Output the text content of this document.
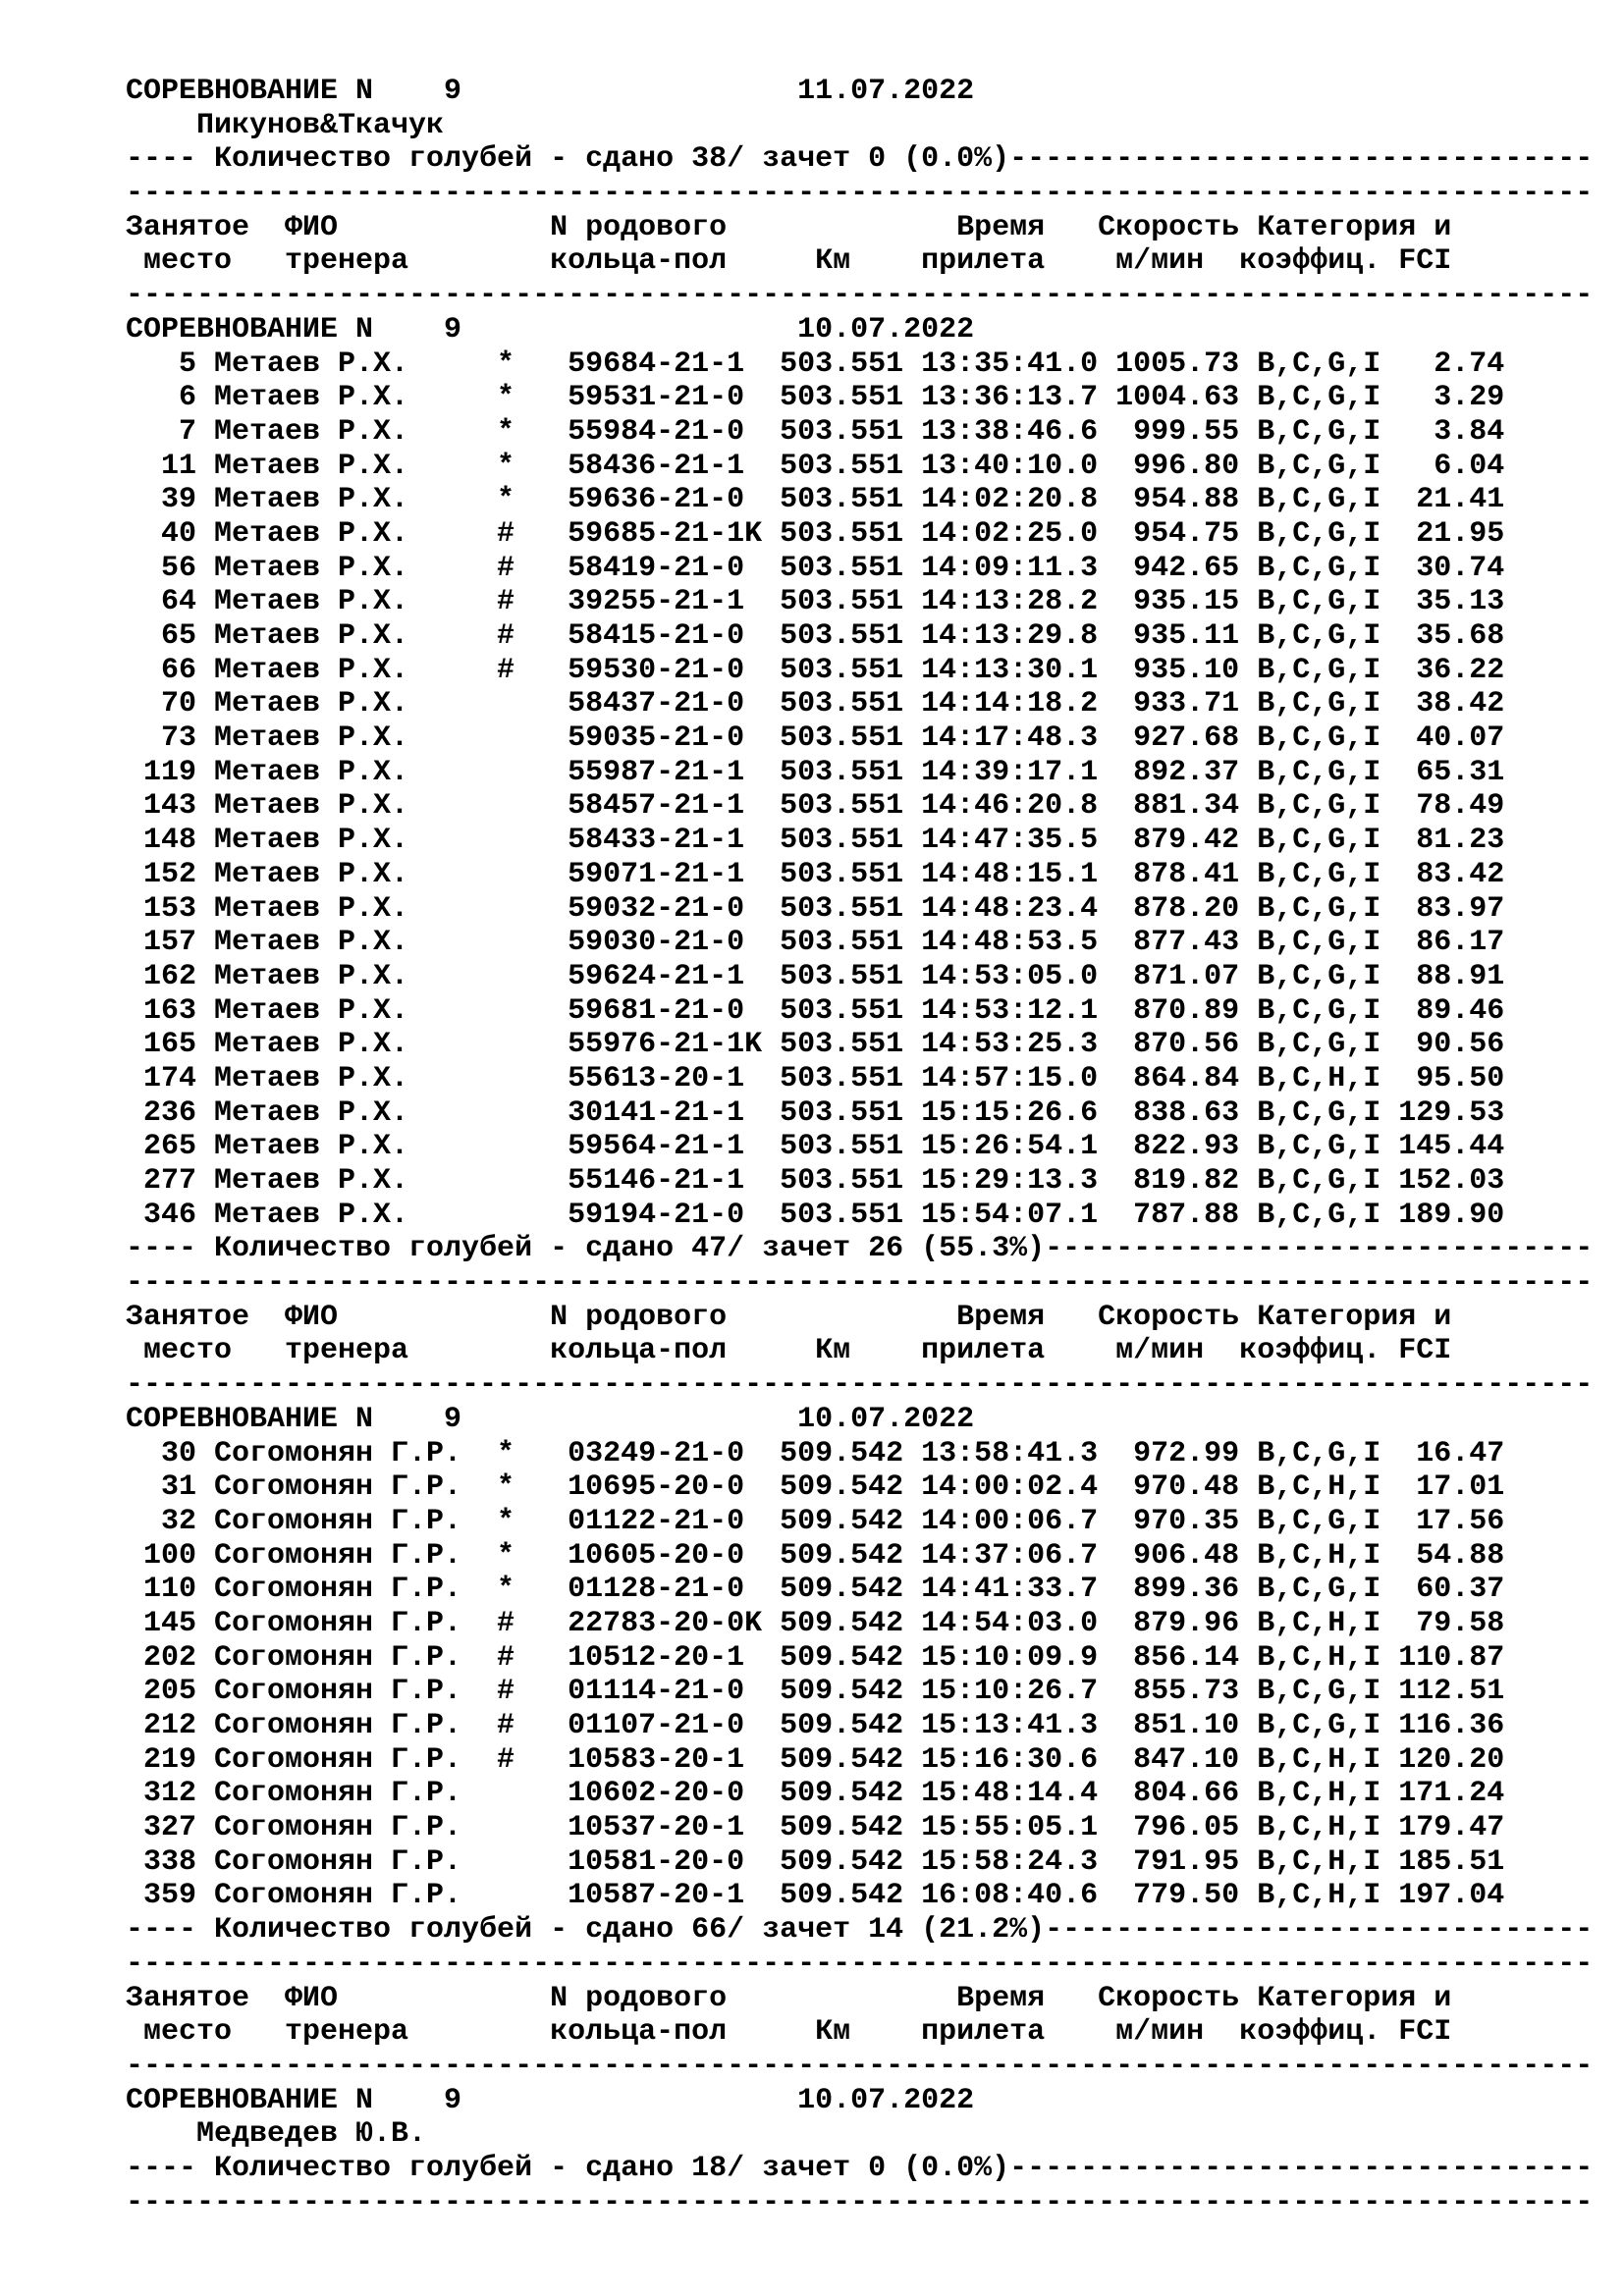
СОРЕВНОВАНИЕ N    9                   11.07.2022
Пикунов&Ткачук
---- Количество голубей - сдано 38/ зачет 0 (0.0%)---------------------------------
-----------------------------------------------------------------------------------
Занятое  ФИО            N родового             Время   Скорость Категория и
место   тренера        кольца-пол     Км    прилета    м/мин  коэффиц. FCI
-----------------------------------------------------------------------------------
СОРЕВНОВАНИЕ N    9                   10.07.2022
5 Метаев Р.Х.     *   59684-21-1  503.551 13:35:41.0 1005.73 B,C,G,I   2.74
6 Метаев Р.Х.     *   59531-21-0  503.551 13:36:13.7 1004.63 B,C,G,I   3.29
7 Метаев Р.Х.     *   55984-21-0  503.551 13:38:46.6  999.55 B,C,G,I   3.84
11 Метаев Р.Х.     *   58436-21-1  503.551 13:40:10.0  996.80 B,C,G,I   6.04
39 Метаев Р.Х.     *   59636-21-0  503.551 14:02:20.8  954.88 B,C,G,I  21.41
40 Метаев Р.Х.     #   59685-21-1K 503.551 14:02:25.0  954.75 B,C,G,I  21.95
56 Метаев Р.Х.     #   58419-21-0  503.551 14:09:11.3  942.65 B,C,G,I  30.74
64 Метаев Р.Х.     #   39255-21-1  503.551 14:13:28.2  935.15 B,C,G,I  35.13
65 Метаев Р.Х.     #   58415-21-0  503.551 14:13:29.8  935.11 B,C,G,I  35.68
66 Метаев Р.Х.     #   59530-21-0  503.551 14:13:30.1  935.10 B,C,G,I  36.22
70 Метаев Р.Х.         58437-21-0  503.551 14:14:18.2  933.71 B,C,G,I  38.42
73 Метаев Р.Х.         59035-21-0  503.551 14:17:48.3  927.68 B,C,G,I  40.07
119 Метаев Р.Х.         55987-21-1  503.551 14:39:17.1  892.37 B,C,G,I  65.31
143 Метаев Р.Х.         58457-21-1  503.551 14:46:20.8  881.34 B,C,G,I  78.49
148 Метаев Р.Х.         58433-21-1  503.551 14:47:35.5  879.42 B,C,G,I  81.23
152 Метаев Р.Х.         59071-21-1  503.551 14:48:15.1  878.41 B,C,G,I  83.42
153 Метаев Р.Х.         59032-21-0  503.551 14:48:23.4  878.20 B,C,G,I  83.97
157 Метаев Р.Х.         59030-21-0  503.551 14:48:53.5  877.43 B,C,G,I  86.17
162 Метаев Р.Х.         59624-21-1  503.551 14:53:05.0  871.07 B,C,G,I  88.91
163 Метаев Р.Х.         59681-21-0  503.551 14:53:12.1  870.89 B,C,G,I  89.46
165 Метаев Р.Х.         55976-21-1K 503.551 14:53:25.3  870.56 B,C,G,I  90.56
174 Метаев Р.Х.         55613-20-1  503.551 14:57:15.0  864.84 B,C,H,I  95.50
236 Метаев Р.Х.         30141-21-1  503.551 15:15:26.6  838.63 B,C,G,I 129.53
265 Метаев Р.Х.         59564-21-1  503.551 15:26:54.1  822.93 B,C,G,I 145.44
277 Метаев Р.Х.         55146-21-1  503.551 15:29:13.3  819.82 B,C,G,I 152.03
346 Метаев Р.Х.         59194-21-0  503.551 15:54:07.1  787.88 B,C,G,I 189.90
---- Количество голубей - сдано 47/ зачет 26 (55.3%)-------------------------------
-----------------------------------------------------------------------------------
Занятое  ФИО            N родового             Время   Скорость Категория и
место   тренера        кольца-пол     Км    прилета    м/мин  коэффиц. FCI
-----------------------------------------------------------------------------------
СОРЕВНОВАНИЕ N    9                   10.07.2022
30 Согомонян Г.Р.  *   03249-21-0  509.542 13:58:41.3  972.99 B,C,G,I  16.47
31 Согомонян Г.Р.  *   10695-20-0  509.542 14:00:02.4  970.48 B,C,H,I  17.01
32 Согомонян Г.Р.  *   01122-21-0  509.542 14:00:06.7  970.35 B,C,G,I  17.56
100 Согомонян Г.Р.  *   10605-20-0  509.542 14:37:06.7  906.48 B,C,H,I  54.88
110 Согомонян Г.Р.  *   01128-21-0  509.542 14:41:33.7  899.36 B,C,G,I  60.37
145 Согомонян Г.Р.  #   22783-20-0K 509.542 14:54:03.0  879.96 B,C,H,I  79.58
202 Согомонян Г.Р.  #   10512-20-1  509.542 15:10:09.9  856.14 B,C,H,I 110.87
205 Согомонян Г.Р.  #   01114-21-0  509.542 15:10:26.7  855.73 B,C,G,I 112.51
212 Согомонян Г.Р.  #   01107-21-0  509.542 15:13:41.3  851.10 B,C,G,I 116.36
219 Согомонян Г.Р.  #   10583-20-1  509.542 15:16:30.6  847.10 B,C,H,I 120.20
312 Согомонян Г.Р.      10602-20-0  509.542 15:48:14.4  804.66 B,C,H,I 171.24
327 Согомонян Г.Р.      10537-20-1  509.542 15:55:05.1  796.05 B,C,H,I 179.47
338 Согомонян Г.Р.      10581-20-0  509.542 15:58:24.3  791.95 B,C,H,I 185.51
359 Согомонян Г.Р.      10587-20-1  509.542 16:08:40.6  779.50 B,C,H,I 197.04
---- Количество голубей - сдано 66/ зачет 14 (21.2%)-------------------------------
-----------------------------------------------------------------------------------
Занятое  ФИО            N родового             Время   Скорость Категория и
место   тренера        кольца-пол     Км    прилета    м/мин  коэффиц. FCI
-----------------------------------------------------------------------------------
СОРЕВНОВАНИЕ N    9                   10.07.2022
Медведев Ю.В.
---- Количество голубей - сдано 18/ зачет 0 (0.0%)---------------------------------
-----------------------------------------------------------------------------------
